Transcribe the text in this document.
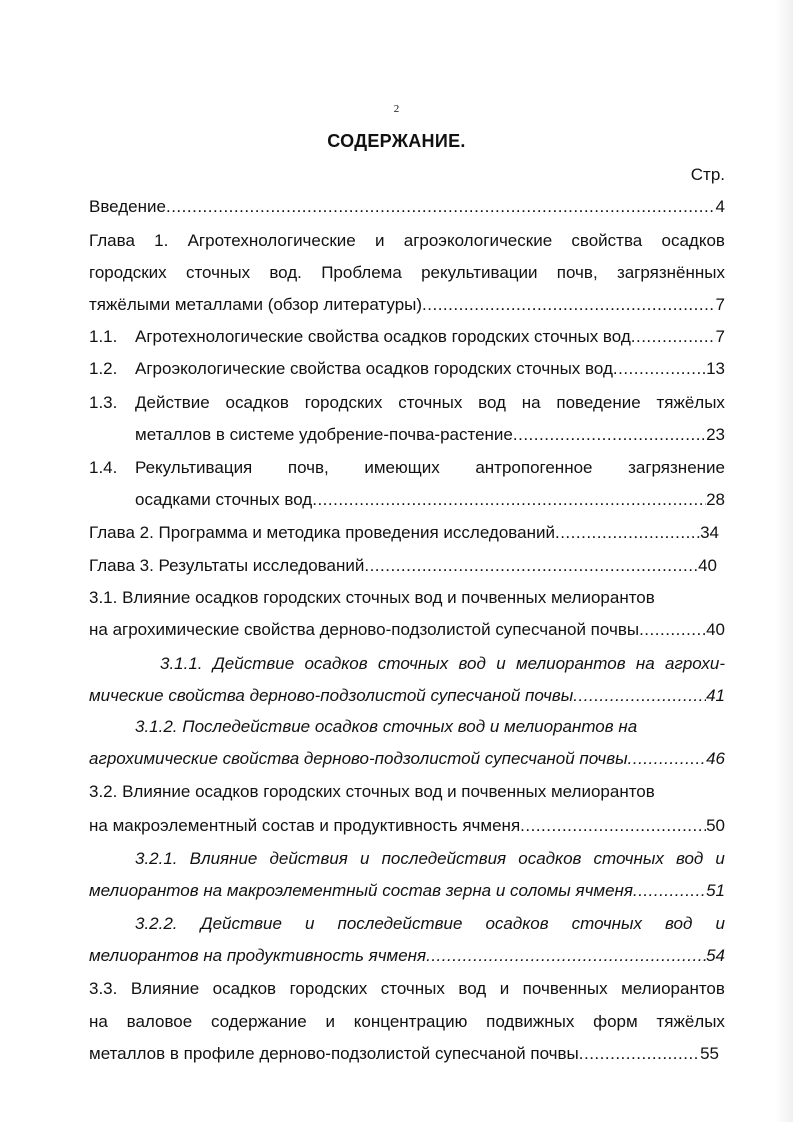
2
СОДЕРЖАНИЕ.
Стр.
Введение .....	4
Глава 1. Агротехнологические и агроэкологические свойства осадков
городских сточных вод. Проблема рекультивации почв, загрязнённых
тяжёлыми металлами (обзор литературы) .....	7
1.1.	Агротехнологические свойства осадков городских сточных вод .....	7
1.2.	Агроэкологические свойства осадков городских сточных вод .....	13
1.3.	Действие осадков городских сточных вод на поведение тяжёлых
металлов в системе удобрение-почва-растение .....	23
1.4.	Рекультивация почв, имеющих антропогенное загрязнение
осадками сточных вод .....	28
Глава 2. Программа и методика проведения исследований .....	34
Глава 3. Результаты исследований .....	40
3.1. Влияние осадков городских сточных вод и почвенных мелиорантов
на агрохимические свойства дерново-подзолистой супесчаной почвы .....	40
3.1.1. Действие осадков сточных вод и мелиорантов на агрохи-
мические свойства дерново-подзолистой супесчаной почвы .....	41
3.1.2. Последействие осадков сточных вод и мелиорантов на
агрохимические свойства дерново-подзолистой супесчаной почвы .....	46
3.2. Влияние осадков городских сточных вод и почвенных мелиорантов
на макроэлементный состав и продуктивность ячменя .....	50
3.2.1. Влияние действия и последействия осадков сточных вод и
мелиорантов на макроэлементный состав зерна и соломы ячменя .....	51
3.2.2. Действие и последействие осадков сточных вод и
мелиорантов на продуктивность ячменя .....	54
3.3. Влияние осадков городских сточных вод и почвенных мелиорантов
на валовое содержание и концентрацию подвижных форм тяжёлых
металлов в профиле дерново-подзолистой супесчаной почвы .....	55
